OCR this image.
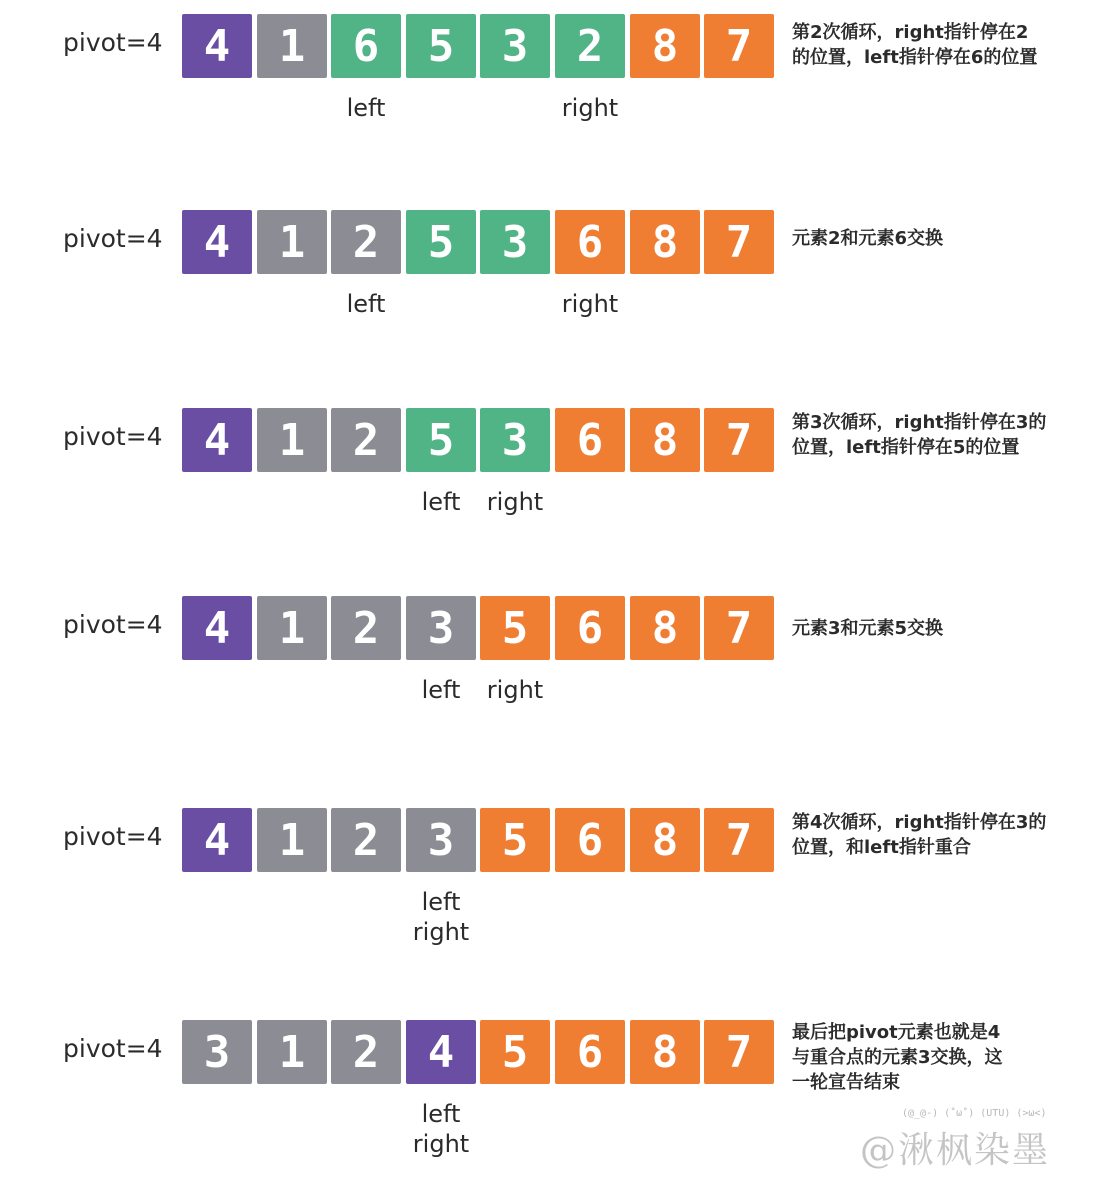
pivot=4 4	1	6	5	3	2	8	7
left	right
第2次循环，right指针停在2
的位置，left指针停在6的位置
pivot=4 4	1	2	5	3	6	8	7
left	right
元素2和元素6交换
pivot=4 4	1	2	5	3	6	8	7
left right
第3次循环，right指针停在3的
位置，left指针停在5的位置
pivot=4 4	1	2	3	5	6	8	7
left right
元素3和元素5交换
pivot=4 4	1	2	3	5	6	8	7
left
right
第4次循环，right指针停在3的
位置，和left指针重合
pivot=4 3	1	2	4	5	6	8	7
left
right
最后把pivot元素也就是4
与重合点的元素3交换，这
一轮宣告结束
(@_@-) (˚ω˚) (UTU) (>ω<)
@湫枫染墨
